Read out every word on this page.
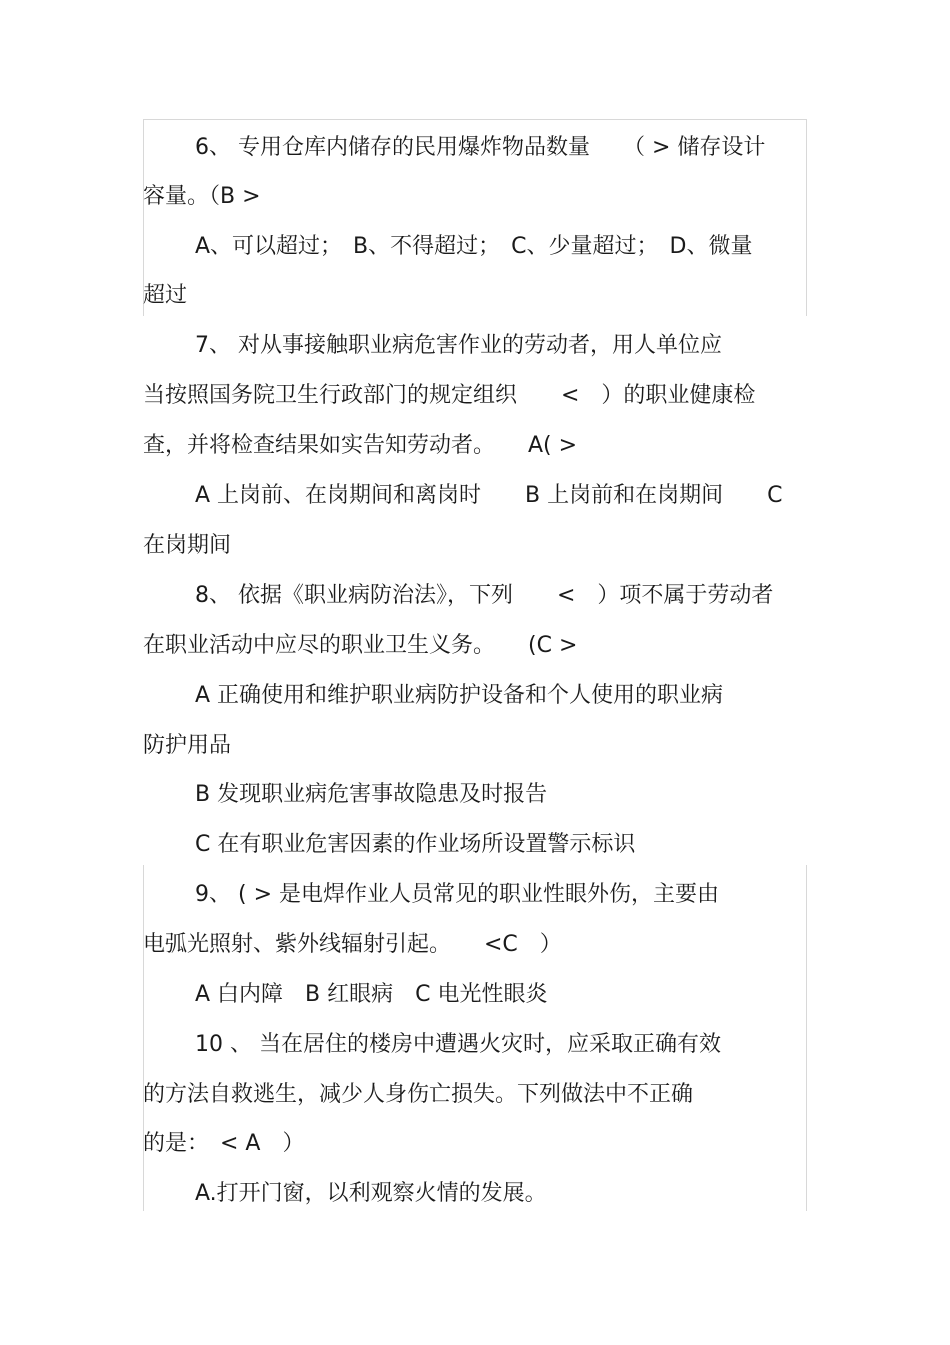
6、 专用仓库内储存的民用爆炸物品数量　　（ > 储存设计
容量。（B >
A、可以超过；　B、不得超过；　C、少量超过；　D、微量
超过
7、 对从事接触职业病危害作业的劳动者，用人单位应
当按照国务院卫生行政部门的规定组织　　<　）的职业健康检
查，并将检查结果如实告知劳动者。　　A( >
A 上岗前、在岗期间和离岗时　　B 上岗前和在岗期间　　C
在岗期间
8、 依据《职业病防治法》，下列　　<　）项不属于劳动者
在职业活动中应尽的职业卫生义务。　　(C >
A 正确使用和维护职业病防护设备和个人使用的职业病
防护用品
B 发现职业病危害事故隐患及时报告
C 在有职业危害因素的作业场所设置警示标识
9、 ( > 是电焊作业人员常见的职业性眼外伤，主要由
电弧光照射、紫外线辐射引起。　　<C　）
A 白内障　B 红眼病　C 电光性眼炎
10 、 当在居住的楼房中遭遇火灾时，应采取正确有效
的方法自救逃生，减少人身伤亡损失。下列做法中不正确
的是：　< A　）
A.打开门窗，以利观察火情的发展。
